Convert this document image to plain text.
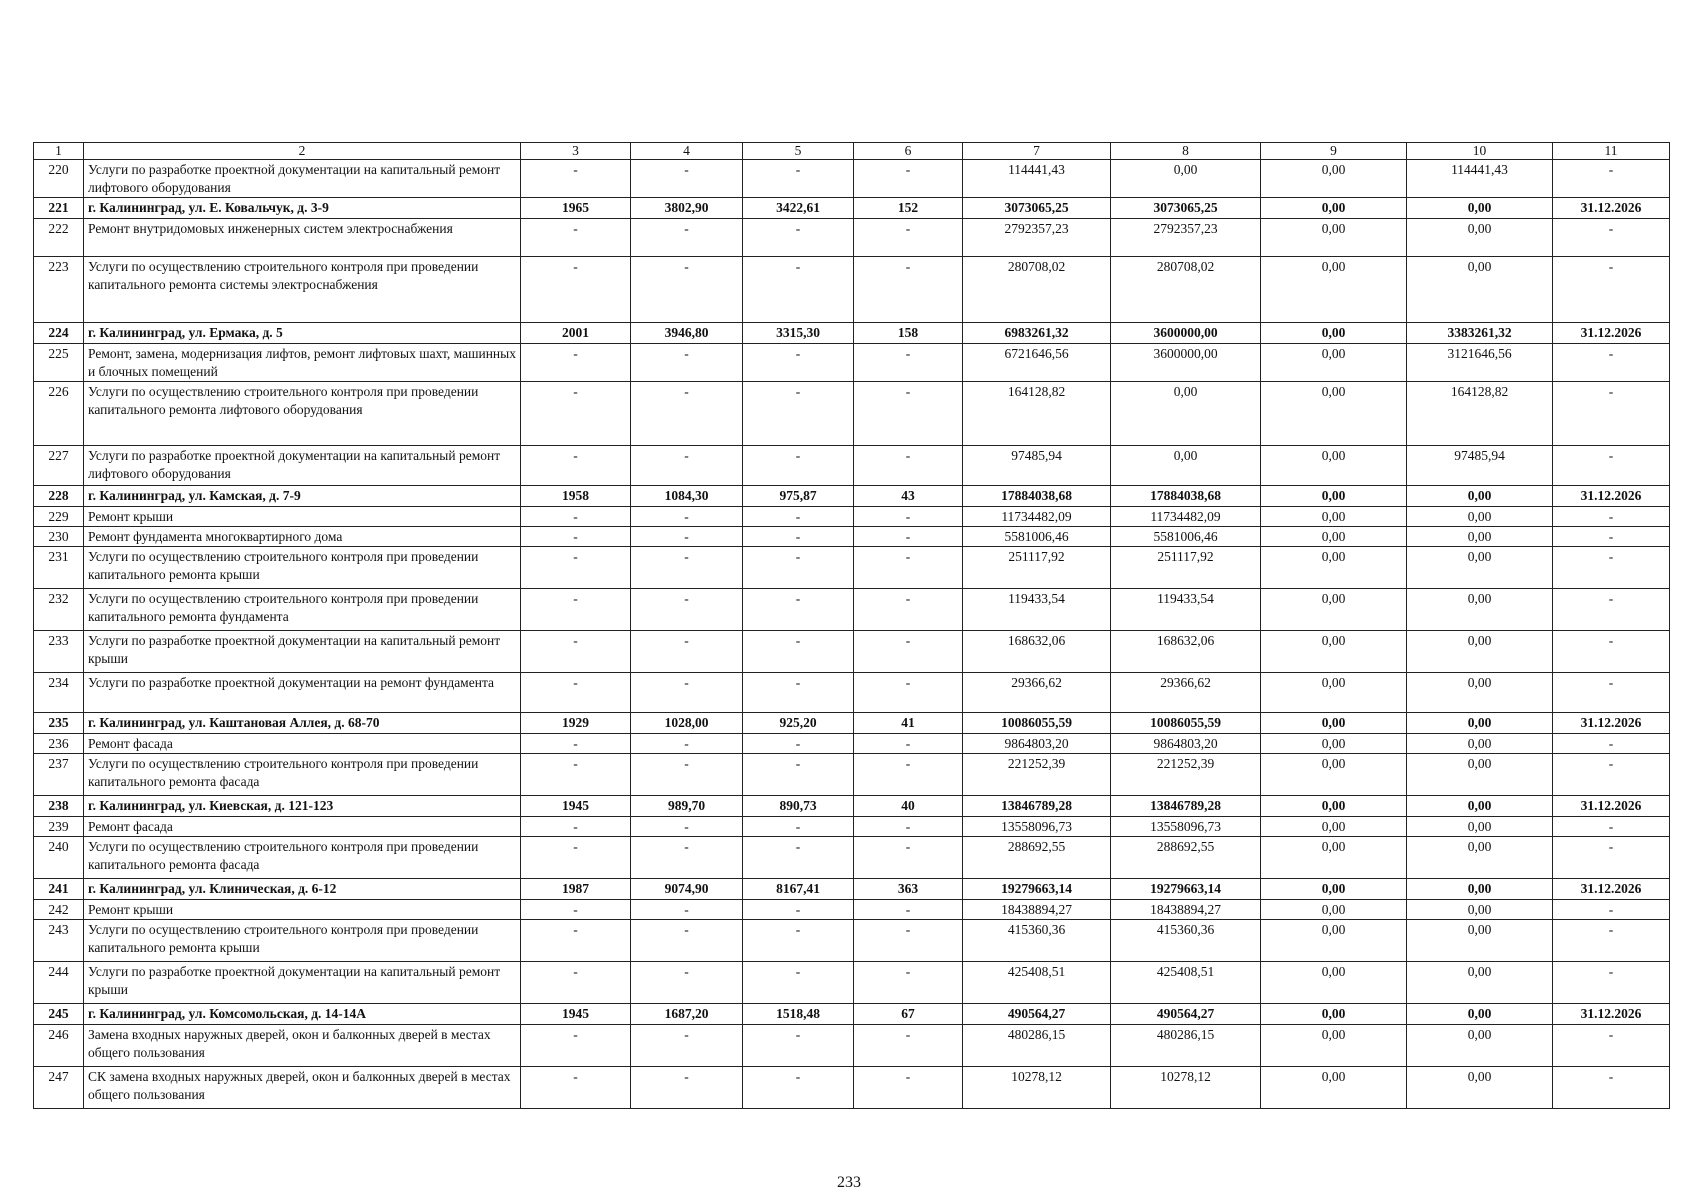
1	2	3	4	5	6	7	8	9	10	11
220	Услуги по разработке проектной документации на капитальный ремонт лифтового оборудования	-	-	-	-	114441,43	0,00	0,00	114441,43	-
221	г. Калининград, ул. Е. Ковальчук, д. 3-9	1965	3802,90	3422,61	152	3073065,25	3073065,25	0,00	0,00	31.12.2026
222	Ремонт внутридомовых инженерных систем электроснабжения	-	-	-	-	2792357,23	2792357,23	0,00	0,00	-
223	Услуги по осуществлению строительного контроля при проведении капитального ремонта системы электроснабжения	-	-	-	-	280708,02	280708,02	0,00	0,00	-
224	г. Калининград, ул. Ермака, д. 5	2001	3946,80	3315,30	158	6983261,32	3600000,00	0,00	3383261,32	31.12.2026
225	Ремонт, замена, модернизация лифтов, ремонт лифтовых шахт, машинных и блочных помещений	-	-	-	-	6721646,56	3600000,00	0,00	3121646,56	-
226	Услуги по осуществлению строительного контроля при проведении капитального ремонта лифтового оборудования	-	-	-	-	164128,82	0,00	0,00	164128,82	-
227	Услуги по разработке проектной документации на капитальный ремонт лифтового оборудования	-	-	-	-	97485,94	0,00	0,00	97485,94	-
228	г. Калининград, ул. Камская, д. 7-9	1958	1084,30	975,87	43	17884038,68	17884038,68	0,00	0,00	31.12.2026
229	Ремонт крыши	-	-	-	-	11734482,09	11734482,09	0,00	0,00	-
230	Ремонт фундамента многоквартирного дома	-	-	-	-	5581006,46	5581006,46	0,00	0,00	-
231	Услуги по осуществлению строительного контроля при проведении капитального ремонта крыши	-	-	-	-	251117,92	251117,92	0,00	0,00	-
232	Услуги по осуществлению строительного контроля при проведении капитального ремонта фундамента	-	-	-	-	119433,54	119433,54	0,00	0,00	-
233	Услуги по разработке проектной документации на капитальный ремонт крыши	-	-	-	-	168632,06	168632,06	0,00	0,00	-
234	Услуги по разработке проектной документации на ремонт фундамента	-	-	-	-	29366,62	29366,62	0,00	0,00	-
235	г. Калининград, ул. Каштановая Аллея, д. 68-70	1929	1028,00	925,20	41	10086055,59	10086055,59	0,00	0,00	31.12.2026
236	Ремонт фасада	-	-	-	-	9864803,20	9864803,20	0,00	0,00	-
237	Услуги по осуществлению строительного контроля при проведении капитального ремонта фасада	-	-	-	-	221252,39	221252,39	0,00	0,00	-
238	г. Калининград, ул. Киевская, д. 121-123	1945	989,70	890,73	40	13846789,28	13846789,28	0,00	0,00	31.12.2026
239	Ремонт фасада	-	-	-	-	13558096,73	13558096,73	0,00	0,00	-
240	Услуги по осуществлению строительного контроля при проведении капитального ремонта фасада	-	-	-	-	288692,55	288692,55	0,00	0,00	-
241	г. Калининград, ул. Клиническая, д. 6-12	1987	9074,90	8167,41	363	19279663,14	19279663,14	0,00	0,00	31.12.2026
242	Ремонт крыши	-	-	-	-	18438894,27	18438894,27	0,00	0,00	-
243	Услуги по осуществлению строительного контроля при проведении капитального ремонта крыши	-	-	-	-	415360,36	415360,36	0,00	0,00	-
244	Услуги по разработке проектной документации на капитальный ремонт крыши	-	-	-	-	425408,51	425408,51	0,00	0,00	-
245	г. Калининград, ул. Комсомольская, д. 14-14А	1945	1687,20	1518,48	67	490564,27	490564,27	0,00	0,00	31.12.2026
246	Замена входных наружных дверей, окон и балконных дверей в местах общего пользования	-	-	-	-	480286,15	480286,15	0,00	0,00	-
247	СК замена входных наружных дверей, окон и балконных дверей в местах общего пользования	-	-	-	-	10278,12	10278,12	0,00	0,00	-
233
